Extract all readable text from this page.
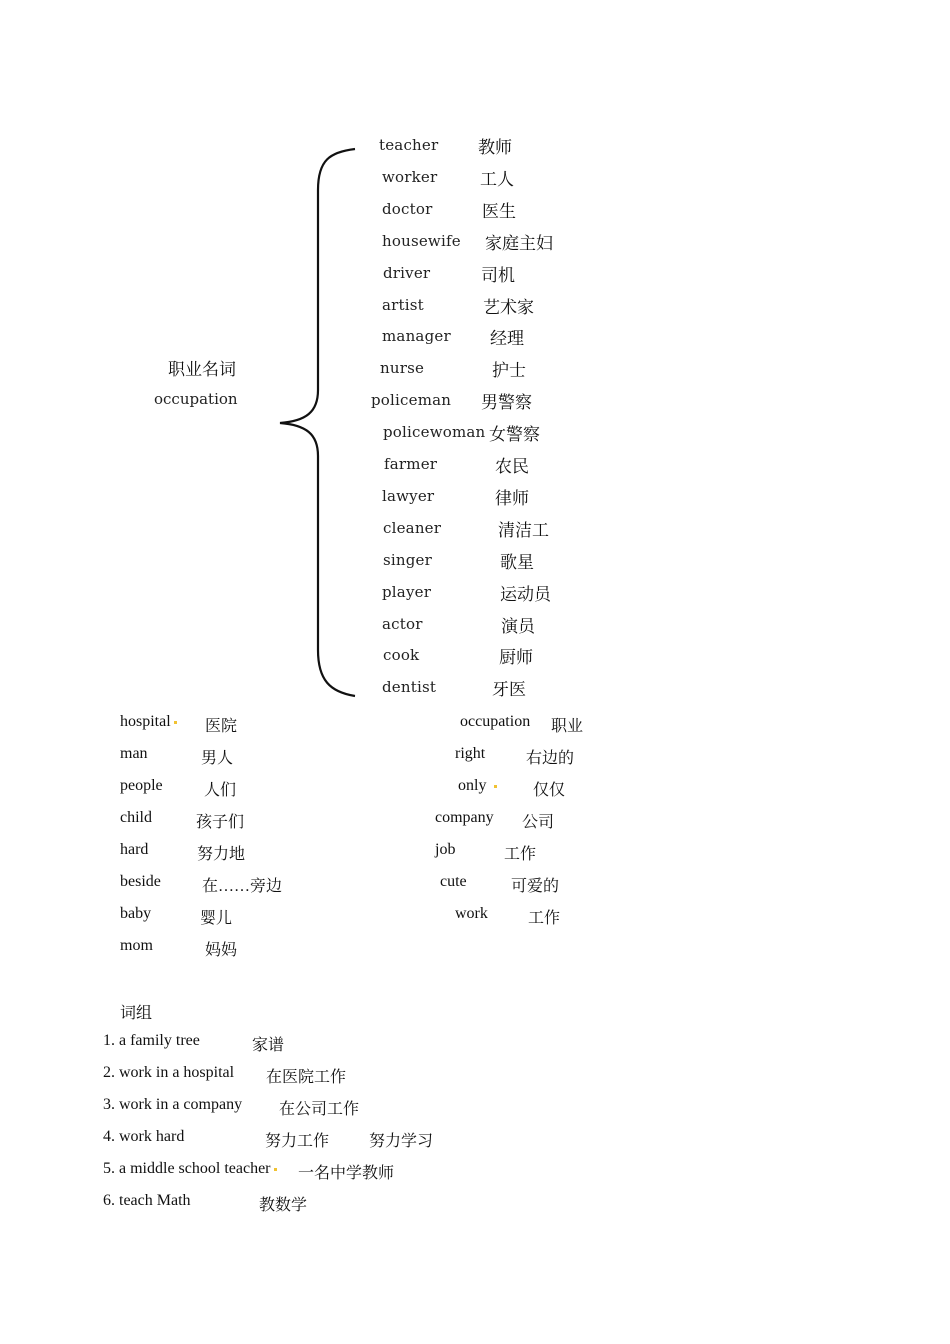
职业名词
occupation
teacher 教师
worker	工人
doctor	医生
housewife 家庭主妇
driver	司机
artist	艺术家
manager 经理
nurse	护士
policeman 男警察
policewoman 女警察
farmer	农民
lawyer	律师
cleaner	清洁工
singer	歌星
player	运动员
actor	演员
cook	厨师
dentist	牙医
hospital	医院
man	男人
people	人们
child	孩子们
hard	努力地
beside	在……旁边
baby	婴儿
mom	妈妈
occupation 职业
right	右边的
only	仅仅
company 公司
job	工作
cute	可爱的
work	工作
词组
1. a family tree	家谱
2. work in a hospital 在医院工作
3. work in a company 在公司工作
4. work hard	努力工作 努力学习
5. a middle school teacher	一名中学教师
6. teach Math	教数学
